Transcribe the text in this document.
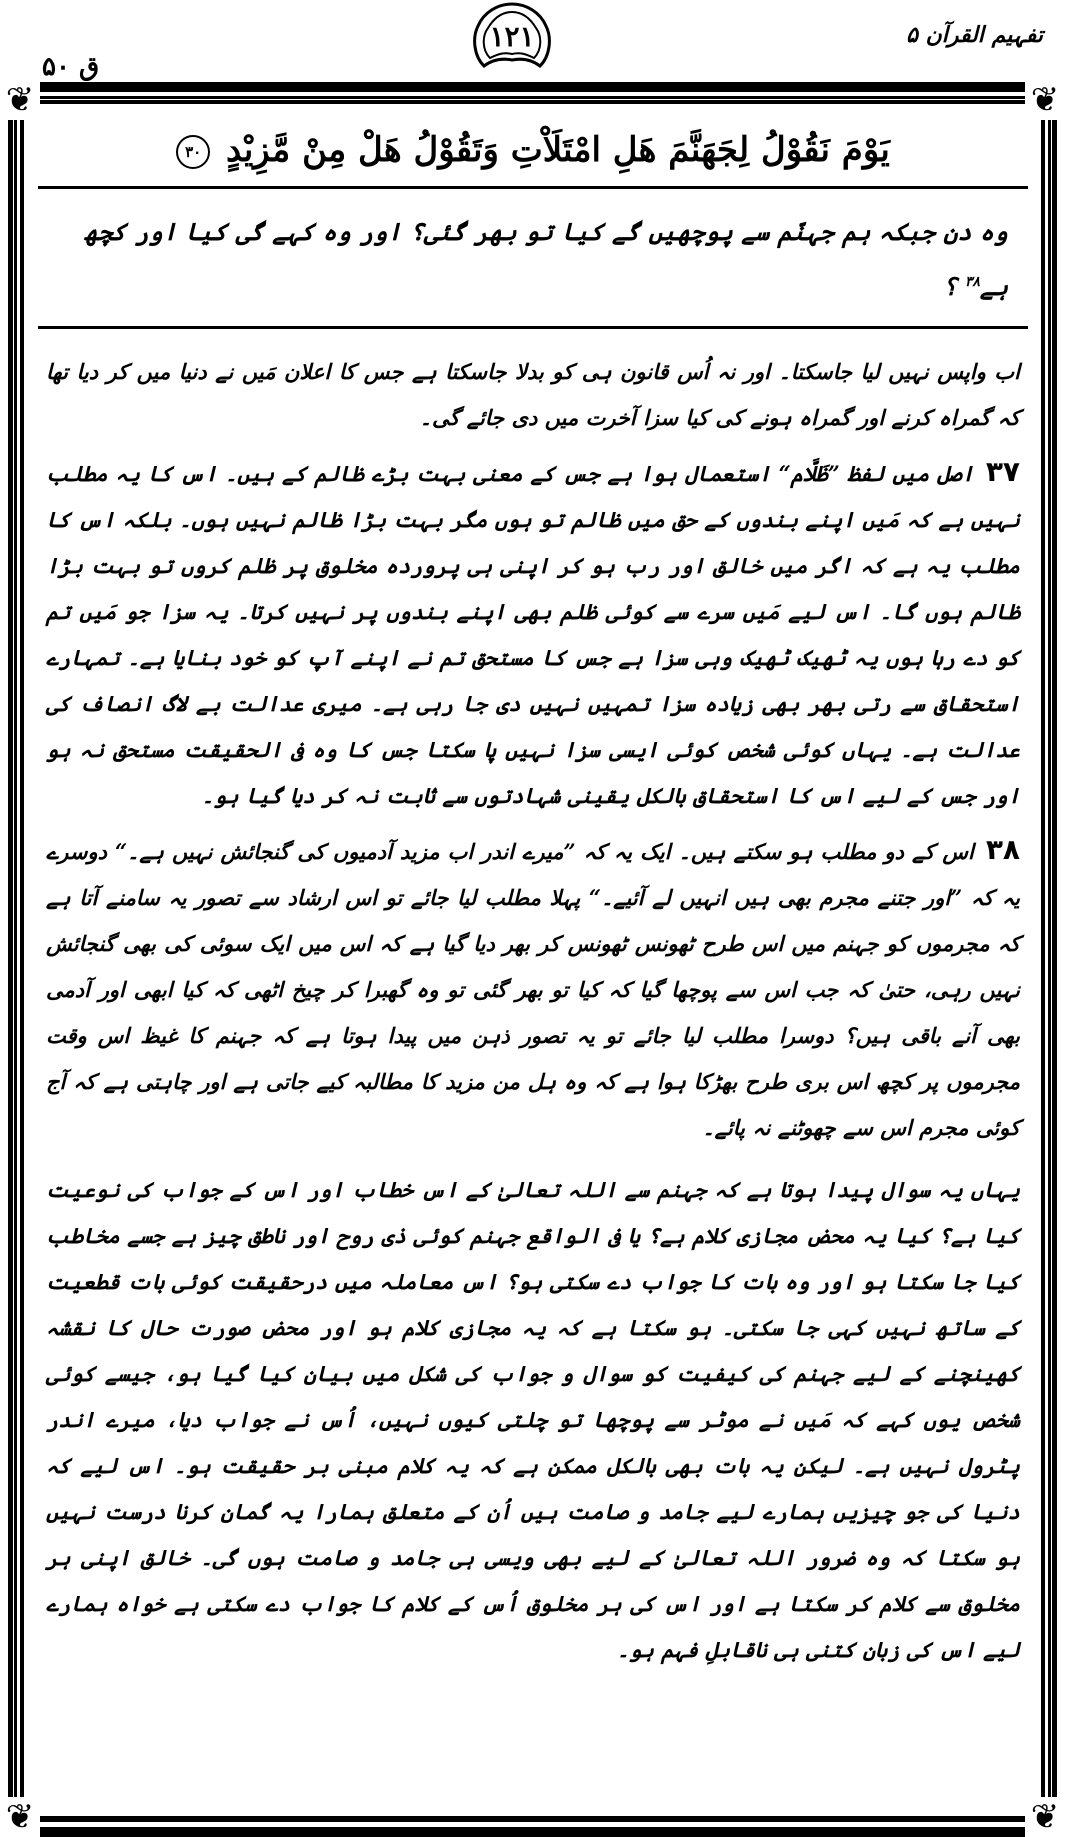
ق ۵۰
تفہیم القرآن ۵
۱۲۱
❦	❦
❦	❦
یَوْمَ نَقُوْلُ لِجَهَنَّمَ هَلِ امْتَلَاْتِ وَتَقُوْلُ هَلْ مِنْ مَّزِیْدٍ ۳۰
وہ دن جبکہ ہم جہنّم سے پوچھیں گے کیا تو بھر گئی؟ اور وہ کہے گی کیا اور کچھ ہے$^{۳۸}$ ؟

اب واپس نہیں لیا جاسکتا۔ اور نہ اُس قانون ہی کو بدلا جاسکتا ہے جس کا اعلان مَیں نے دنیا میں کر دیا تھا کہ گمراہ کرنے اور گمراہ ہونے کی کیا سزا آخرت میں دی جائے گی۔

۳۷ اصل میں لفظ ”ظَلَّام“ استعمال ہوا ہے جس کے معنی بہت بڑے ظالم کے ہیں۔ اس کا یہ مطلب نہیں ہے کہ مَیں اپنے بندوں کے حق میں ظالم تو ہوں مگر بہت بڑا ظالم نہیں ہوں۔ بلکہ اس کا مطلب یہ ہے کہ اگر میں خالق اور رب ہو کر اپنی ہی پروردہ مخلوق پر ظلم کروں تو بہت بڑا ظالم ہوں گا۔ اس لیے مَیں سرے سے کوئی ظلم بھی اپنے بندوں پر نہیں کرتا۔ یہ سزا جو مَیں تم کو دے رہا ہوں یہ ٹھیک ٹھیک وہی سزا ہے جس کا مستحق تم نے اپنے آپ کو خود بنایا ہے۔ تمہارے استحقاق سے رتی بھر بھی زیادہ سزا تمہیں نہیں دی جا رہی ہے۔ میری عدالت بے لاگ انصاف کی عدالت ہے۔ یہاں کوئی شخص کوئی ایسی سزا نہیں پا سکتا جس کا وہ فی الحقیقت مستحق نہ ہو اور جس کے لیے اس کا استحقاق بالکل یقینی شہادتوں سے ثابت نہ کر دیا گیا ہو۔

۳۸ اس کے دو مطلب ہو سکتے ہیں۔ ایک یہ کہ ”میرے اندر اب مزید آدمیوں کی گنجائش نہیں ہے۔“ دوسرے یہ کہ ”اور جتنے مجرم بھی ہیں انہیں لے آئیے۔“ پہلا مطلب لیا جائے تو اس ارشاد سے تصور یہ سامنے آتا ہے کہ مجرموں کو جہنم میں اس طرح ٹھونس ٹھونس کر بھر دیا گیا ہے کہ اس میں ایک سوئی کی بھی گنجائش نہیں رہی، حتیٰ کہ جب اس سے پوچھا گیا کہ کیا تو بھر گئی تو وہ گھبرا کر چیخ اٹھی کہ کیا ابھی اور آدمی بھی آنے باقی ہیں؟ دوسرا مطلب لیا جائے تو یہ تصور ذہن میں پیدا ہوتا ہے کہ جہنم کا غیظ اس وقت مجرموں پر کچھ اس بری طرح بھڑکا ہوا ہے کہ وہ ہل من مزید کا مطالبہ کیے جاتی ہے اور چاہتی ہے کہ آج کوئی مجرم اس سے چھوٹنے نہ پائے۔

یہاں یہ سوال پیدا ہوتا ہے کہ جہنم سے اللہ تعالیٰ کے اس خطاب اور اس کے جواب کی نوعیت کیا ہے؟ کیا یہ محض مجازی کلام ہے؟ یا فی الواقع جہنم کوئی ذی روح اور ناطق چیز ہے جسے مخاطب کیا جا سکتا ہو اور وہ بات کا جواب دے سکتی ہو؟ اس معاملہ میں درحقیقت کوئی بات قطعیت کے ساتھ نہیں کہی جا سکتی۔ ہو سکتا ہے کہ یہ مجازی کلام ہو اور محض صورت حال کا نقشہ کھینچنے کے لیے جہنم کی کیفیت کو سوال و جواب کی شکل میں بیان کیا گیا ہو، جیسے کوئی شخص یوں کہے کہ مَیں نے موٹر سے پوچھا تو چلتی کیوں نہیں، اُس نے جواب دیا، میرے اندر پٹرول نہیں ہے۔ لیکن یہ بات بھی بالکل ممکن ہے کہ یہ کلام مبنی بر حقیقت ہو۔ اس لیے کہ دنیا کی جو چیزیں ہمارے لیے جامد و صامت ہیں اُن کے متعلق ہمارا یہ گمان کرنا درست نہیں ہو سکتا کہ وہ ضرور اللہ تعالیٰ کے لیے بھی ویسی ہی جامد و صامت ہوں گی۔ خالق اپنی ہر مخلوق سے کلام کر سکتا ہے اور اس کی ہر مخلوق اُس کے کلام کا جواب دے سکتی ہے خواہ ہمارے لیے اس کی زبان کتنی ہی ناقابلِ فہم ہو۔
